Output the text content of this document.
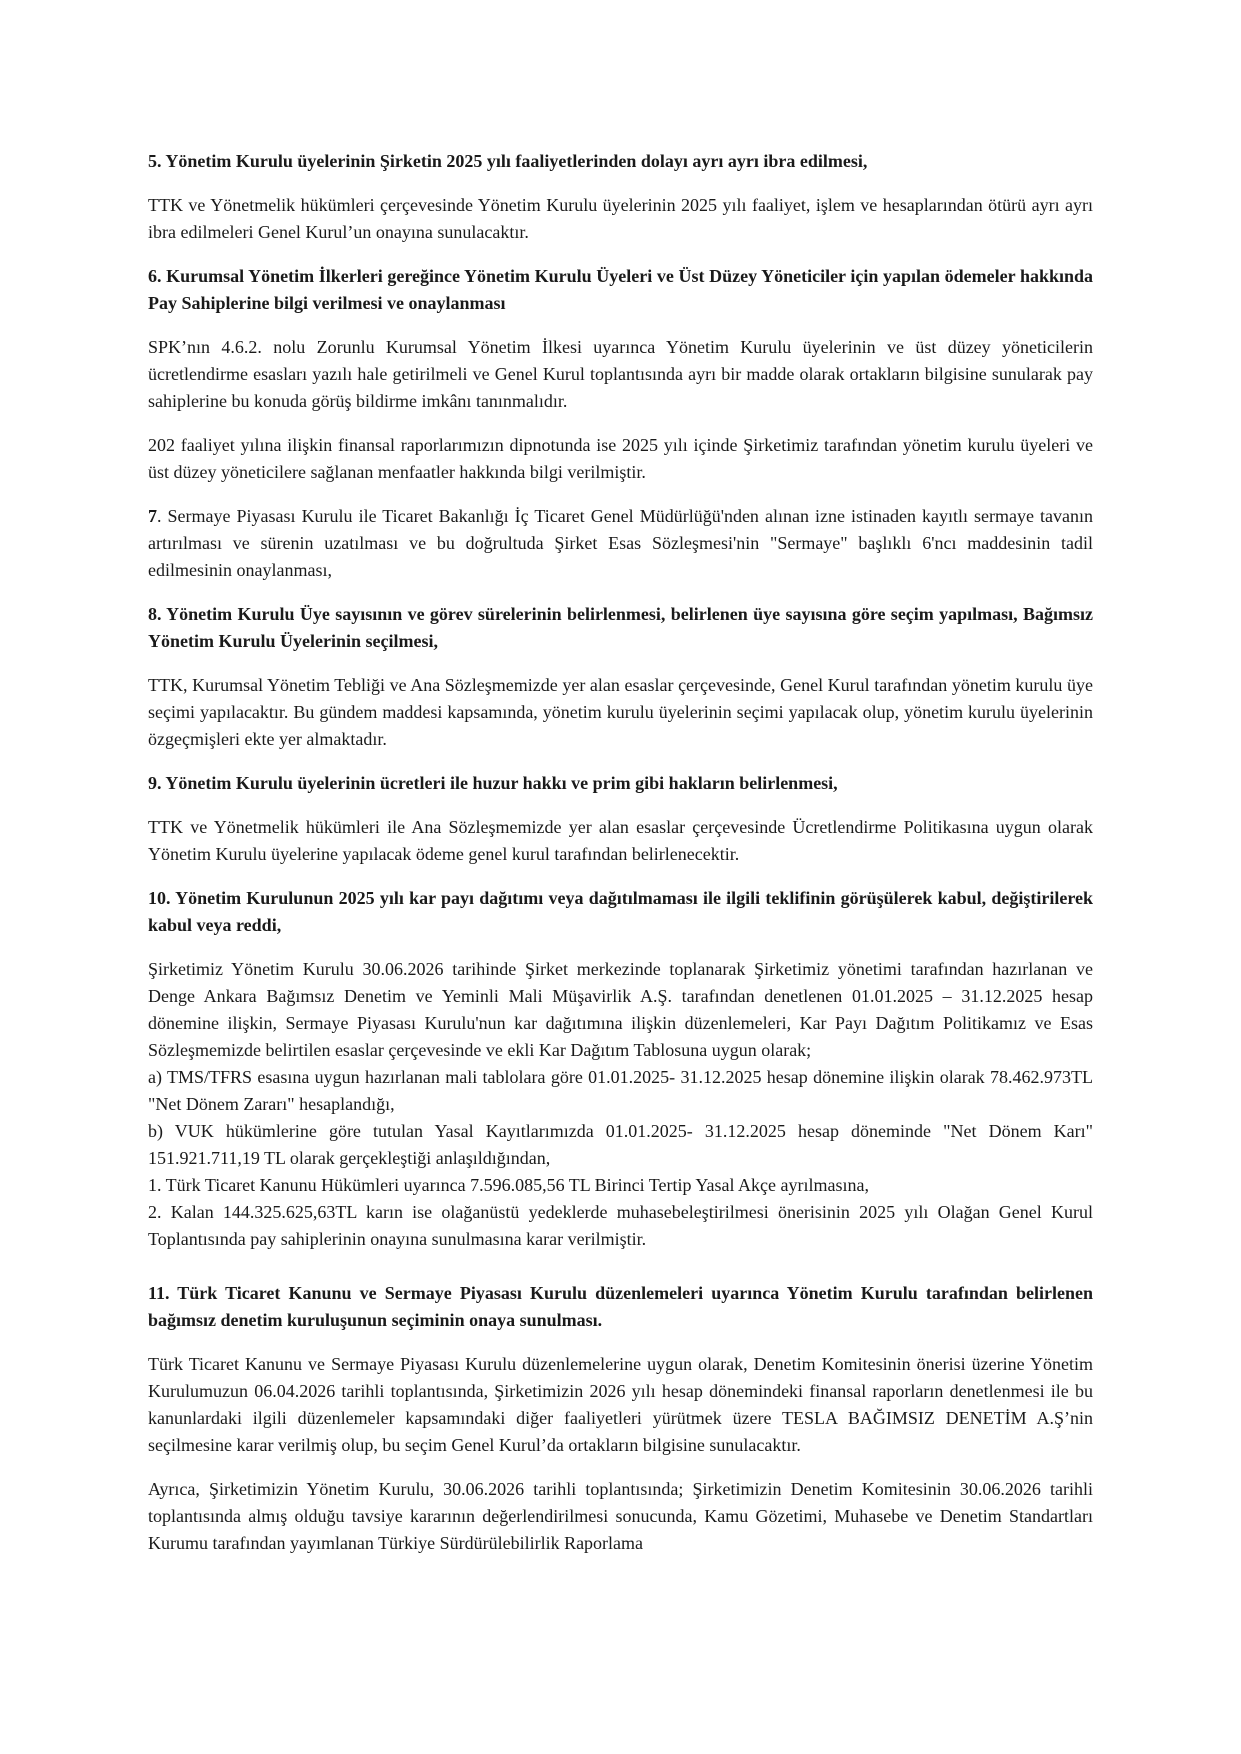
5. Yönetim Kurulu üyelerinin Şirketin 2025 yılı faaliyetlerinden dolayı ayrı ayrı ibra edilmesi,

TTK ve Yönetmelik hükümleri çerçevesinde Yönetim Kurulu üyelerinin 2025 yılı faaliyet, işlem ve hesaplarından ötürü ayrı ayrı ibra edilmeleri Genel Kurul’un onayına sunulacaktır.

6. Kurumsal Yönetim İlkerleri gereğince Yönetim Kurulu Üyeleri ve Üst Düzey Yöneticiler için yapılan ödemeler hakkında Pay Sahiplerine bilgi verilmesi ve onaylanması

SPK’nın 4.6.2. nolu Zorunlu Kurumsal Yönetim İlkesi uyarınca Yönetim Kurulu üyelerinin ve üst düzey yöneticilerin ücretlendirme esasları yazılı hale getirilmeli ve Genel Kurul toplantısında ayrı bir madde olarak ortakların bilgisine sunularak pay sahiplerine bu konuda görüş bildirme imkânı tanınmalıdır.

202 faaliyet yılına ilişkin finansal raporlarımızın dipnotunda ise 2025 yılı içinde Şirketimiz tarafından yönetim kurulu üyeleri ve üst düzey yöneticilere sağlanan menfaatler hakkında bilgi verilmiştir.

7. Sermaye Piyasası Kurulu ile Ticaret Bakanlığı İç Ticaret Genel Müdürlüğü'nden alınan izne istinaden kayıtlı sermaye tavanın artırılması ve sürenin uzatılması ve bu doğrultuda Şirket Esas Sözleşmesi'nin "Sermaye" başlıklı 6'ncı maddesinin tadil edilmesinin onaylanması,

8. Yönetim Kurulu Üye sayısının ve görev sürelerinin belirlenmesi, belirlenen üye sayısına göre seçim yapılması, Bağımsız Yönetim Kurulu Üyelerinin seçilmesi,

TTK, Kurumsal Yönetim Tebliği ve Ana Sözleşmemizde yer alan esaslar çerçevesinde, Genel Kurul tarafından yönetim kurulu üye seçimi yapılacaktır. Bu gündem maddesi kapsamında, yönetim kurulu üyelerinin seçimi yapılacak olup, yönetim kurulu üyelerinin özgeçmişleri ekte yer almaktadır.

9. Yönetim Kurulu üyelerinin ücretleri ile huzur hakkı ve prim gibi hakların belirlenmesi,

TTK ve Yönetmelik hükümleri ile Ana Sözleşmemizde yer alan esaslar çerçevesinde Ücretlendirme Politikasına uygun olarak Yönetim Kurulu üyelerine yapılacak ödeme genel kurul tarafından belirlenecektir.

10. Yönetim Kurulunun 2025 yılı kar payı dağıtımı veya dağıtılmaması ile ilgili teklifinin görüşülerek kabul, değiştirilerek kabul veya reddi,

Şirketimiz Yönetim Kurulu 30.06.2026 tarihinde Şirket merkezinde toplanarak Şirketimiz yönetimi tarafından hazırlanan ve Denge Ankara Bağımsız Denetim ve Yeminli Mali Müşavirlik A.Ş. tarafından denetlenen 01.01.2025 – 31.12.2025 hesap dönemine ilişkin, Sermaye Piyasası Kurulu'nun kar dağıtımına ilişkin düzenlemeleri, Kar Payı Dağıtım Politikamız ve Esas Sözleşmemizde belirtilen esaslar çerçevesinde ve ekli Kar Dağıtım Tablosuna uygun olarak;
a) TMS/TFRS esasına uygun hazırlanan mali tablolara göre 01.01.2025- 31.12.2025 hesap dönemine ilişkin olarak 78.462.973TL "Net Dönem Zararı" hesaplandığı,
b) VUK hükümlerine göre tutulan Yasal Kayıtlarımızda 01.01.2025- 31.12.2025 hesap döneminde "Net Dönem Karı" 151.921.711,19 TL olarak gerçekleştiği anlaşıldığından,
1. Türk Ticaret Kanunu Hükümleri uyarınca 7.596.085,56 TL Birinci Tertip Yasal Akçe ayrılmasına,
2. Kalan 144.325.625,63TL karın ise olağanüstü yedeklerde muhasebeleştirilmesi önerisinin 2025 yılı Olağan Genel Kurul Toplantısında pay sahiplerinin onayına sunulmasına karar verilmiştir.

11. Türk Ticaret Kanunu ve Sermaye Piyasası Kurulu düzenlemeleri uyarınca Yönetim Kurulu tarafından belirlenen bağımsız denetim kuruluşunun seçiminin onaya sunulması.

Türk Ticaret Kanunu ve Sermaye Piyasası Kurulu düzenlemelerine uygun olarak, Denetim Komitesinin önerisi üzerine Yönetim Kurulumuzun 06.04.2026 tarihli toplantısında, Şirketimizin 2026 yılı hesap dönemindeki finansal raporların denetlenmesi ile bu kanunlardaki ilgili düzenlemeler kapsamındaki diğer faaliyetleri yürütmek üzere TESLA BAĞIMSIZ DENETİM A.Ş’nin seçilmesine karar verilmiş olup, bu seçim Genel Kurul’da ortakların bilgisine sunulacaktır.

Ayrıca, Şirketimizin Yönetim Kurulu, 30.06.2026 tarihli toplantısında; Şirketimizin Denetim Komitesinin 30.06.2026 tarihli toplantısında almış olduğu tavsiye kararının değerlendirilmesi sonucunda, Kamu Gözetimi, Muhasebe ve Denetim Standartları Kurumu tarafından yayımlanan Türkiye Sürdürülebilirlik Raporlama
